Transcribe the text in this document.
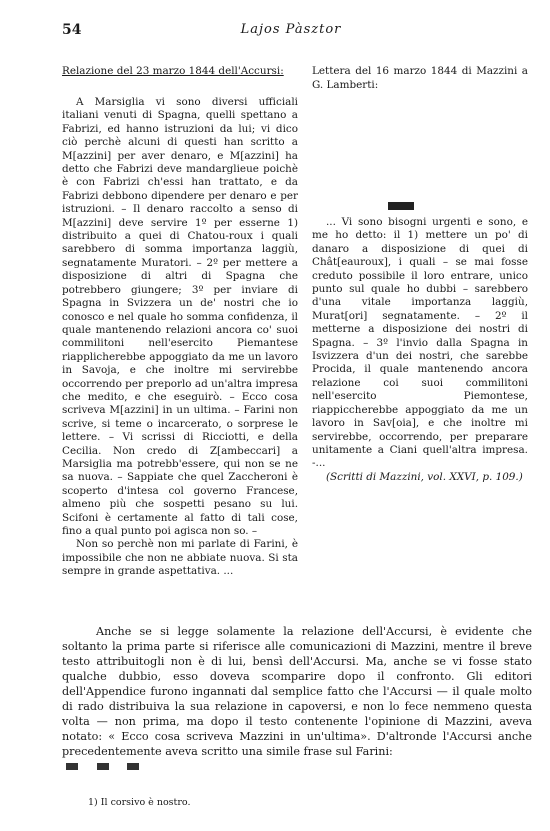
54	Lajos Pàsztor
Relazione del 23 marzo 1844 dell'Accursi:

A Marsiglia vi sono diversi ufficiali italiani venuti di Spagna, quelli spettano a Fabrizi, ed hanno istruzioni da lui; vi dico ciò perchè alcuni di questi han scritto a M[azzini] per aver denaro, e M[azzini] ha detto che Fabrizi deve mandarglieue poichè è con Fabrizi ch'essi han trattato, e da Fabrizi debbono dipendere per denaro e per istruzioni. – Il denaro raccolto a senso di M[azzini] deve servire 1º per esserne 1) distribuito a quei di Chatou-roux i quali sarebbero di somma importanza laggiù, segnatamente Muratori. – 2º per mettere a disposizione di altri di Spagna che potrebbero giungere; 3º per inviare di Spagna in Svizzera un de' nostri che io conosco e nel quale ho somma confidenza, il quale mantenendo relazioni ancora co' suoi commilitoni nell'esercito Piemantese riapplicherebbe appoggiato da me un lavoro in Savoja, e che inoltre mi servirebbe occorrendo per preporlo ad un'altra impresa che medito, e che eseguirò. – Ecco cosa scriveva M[azzini] in un ultima. – Farini non scrive, si teme o incarcerato, o sorprese le lettere. – Vi scrissi di Ricciotti, e della Cecilia. Non credo di Z[ambeccari] a Marsiglia ma potrebb'essere, qui non se ne sa nuova. – Sappiate che quel Zaccheroni è scoperto d'intesa col governo Francese, almeno più che sospetti pesano su lui. Scifoni è certamente al fatto di tali cose, fino a qual punto poi agisca non so. –

Non so perchè non mi parlate di Farini, è impossibile che non ne abbiate nuova. Si sta sempre in grande aspettativa. ...

Lettera del 16 marzo 1844 di Mazzini a G. Lamberti:

... Vi sono bisogni urgenti e sono, e me ho detto: il 1) mettere un po' di danaro a disposizione di quei di Chât[eauroux], i quali – se mai fosse creduto possibile il loro entrare, unico punto sul quale ho dubbi – sarebbero d'una vitale importanza laggiù, Murat[ori] segnatamente. – 2º il metterne a disposizione dei nostri di Spagna. – 3º l'invio dalla Spagna in Isvizzera d'un dei nostri, che sarebbe Procida, il quale mantenendo ancora relazione coi suoi commilitoni nell'esercito Piemontese, riappiccherebbe appoggiato da me un lavoro in Sav[oia], e che inoltre mi servirebbe, occorrendo, per preparare unitamente a Ciani quell'altra impresa. -...

(Scritti di Mazzini, vol. XXVI, p. 109.)

Anche se si legge solamente la relazione dell'Accursi, è evidente che soltanto la prima parte si riferisce alle comunicazioni di Mazzini, mentre il breve testo attribuitogli non è di lui, bensì dell'Accursi. Ma, anche se vi fosse stato qualche dubbio, esso doveva scomparire dopo il confronto. Gli editori dell'Appendice furono ingannati dal semplice fatto che l'Accursi — il quale molto di rado distribuiva la sua relazione in capoversi, e non lo fece nemmeno questa volta — non prima, ma dopo il testo contenente l'opinione di Mazzini, aveva notato: « Ecco cosa scriveva Mazzini in un'ultima». D'altronde l'Accursi anche precedentemente aveva scritto una simile frase sul Farini:

1) Il corsivo è nostro.
